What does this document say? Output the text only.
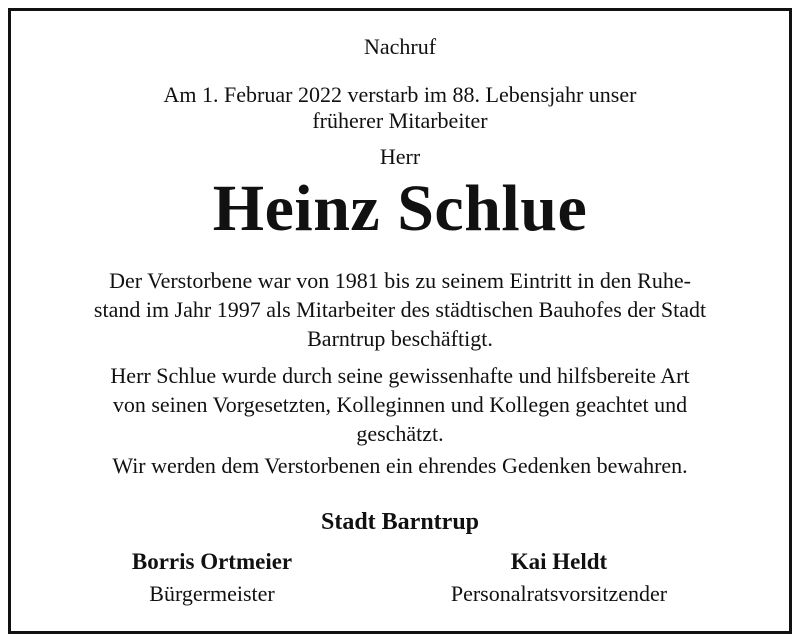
Nachruf
Am 1. Februar 2022 verstarb im 88. Lebensjahr unser
früherer Mitarbeiter
Herr
Heinz Schlue
Der Verstorbene war von 1981 bis zu seinem Eintritt in den Ruhe-
stand im Jahr 1997 als Mitarbeiter des städtischen Bauhofes der Stadt
Barntrup beschäftigt.
Herr Schlue wurde durch seine gewissenhafte und hilfsbereite Art
von seinen Vorgesetzten, Kolleginnen und Kollegen geachtet und
geschätzt.
Wir werden dem Verstorbenen ein ehrendes Gedenken bewahren.
Stadt Barntrup
Borris Ortmeier
Bürgermeister
Kai Heldt
Personalratsvorsitzender
